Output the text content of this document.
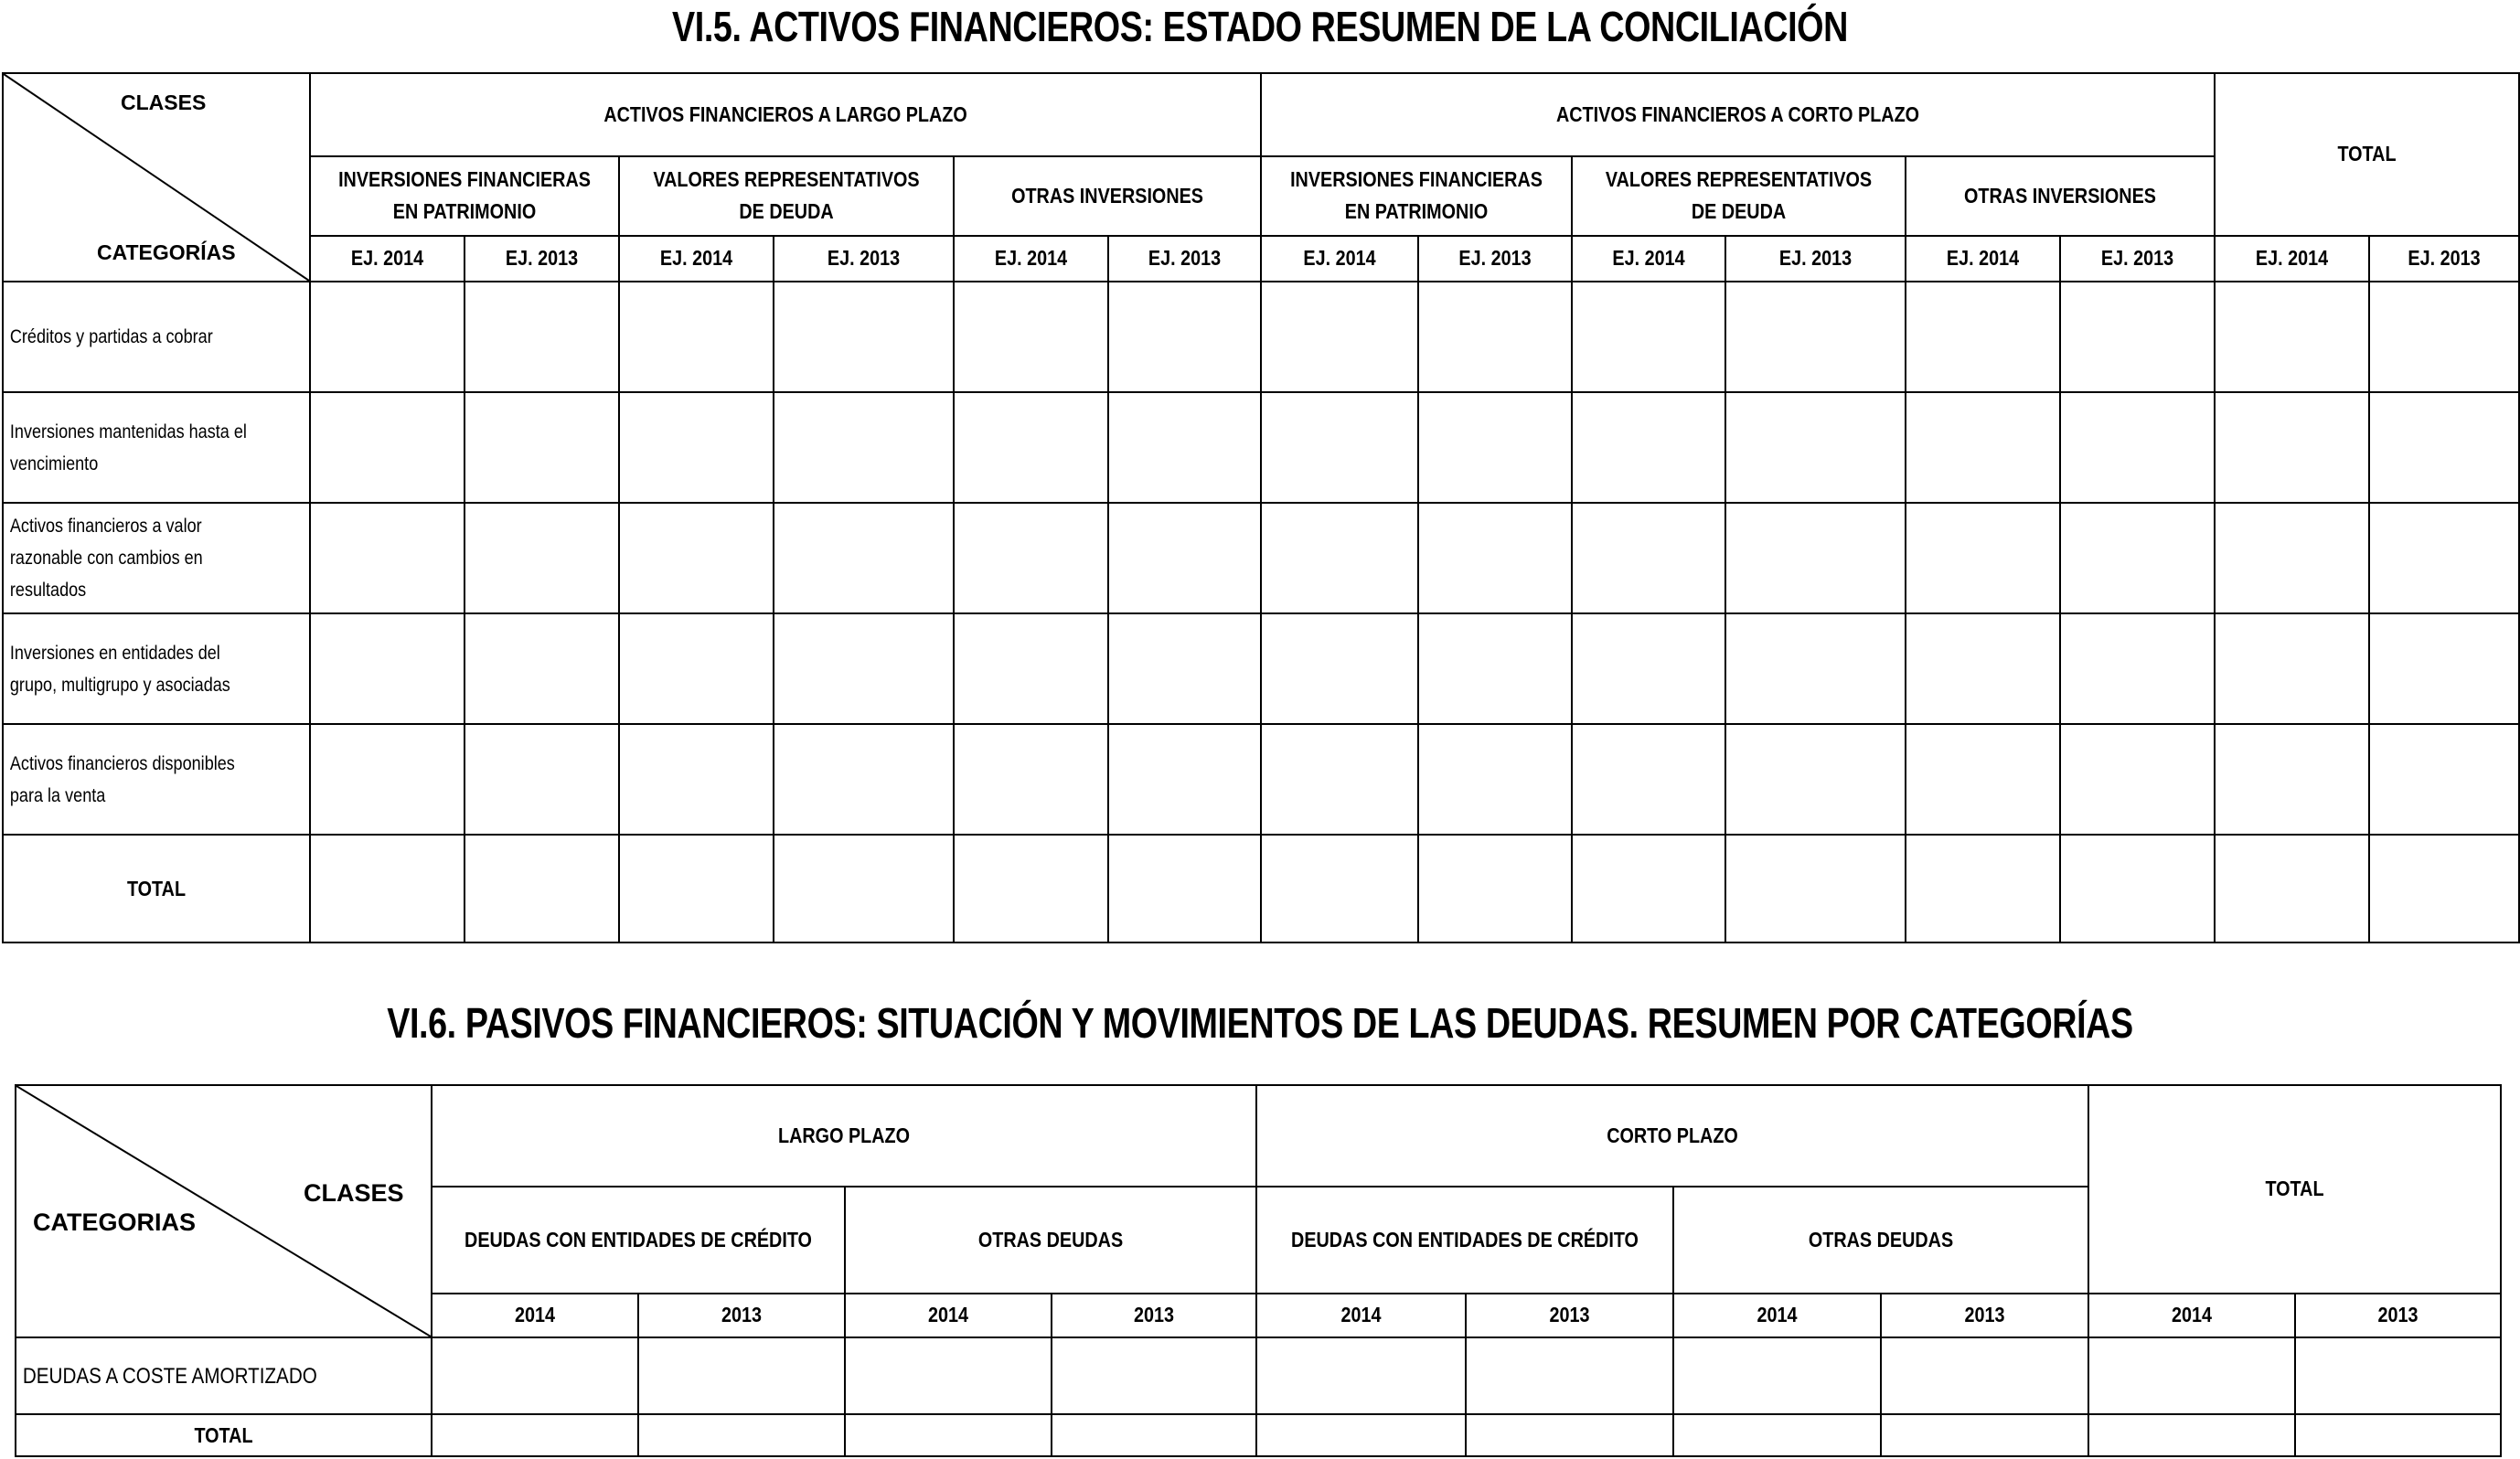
VI.5. ACTIVOS FINANCIEROS: ESTADO RESUMEN DE LA CONCILIACIÓN
CLASES
CATEGORÍAS	ACTIVOS FINANCIEROS A LARGO PLAZO						ACTIVOS FINANCIEROS A CORTO PLAZO						TOTAL	

	INVERSIONES FINANCIERAS EN PATRIMONIO		VALORES REPRESENTATIVOS DE DEUDA		OTRAS INVERSIONES		INVERSIONES FINANCIERAS EN PATRIMONIO		VALORES REPRESENTATIVOS DE DEUDA		OTRAS INVERSIONES			

	EJ. 2014	EJ. 2013	EJ. 2014	EJ. 2013	EJ. 2014	EJ. 2013	EJ. 2014	EJ. 2013	EJ. 2014	EJ. 2013	EJ. 2014	EJ. 2013	EJ. 2014	EJ. 2013

Créditos y partidas a cobrar														

Inversiones mantenidas hasta el vencimiento														

Activos financieros a valor razonable con cambios en resultados														

Inversiones en entidades del grupo, multigrupo y asociadas														

Activos financieros disponibles para la venta														

TOTAL														

VI.6. PASIVOS FINANCIEROS: SITUACIÓN Y MOVIMIENTOS DE LAS DEUDAS. RESUMEN POR CATEGORÍAS
CLASES
CATEGORIAS	LARGO PLAZO				CORTO PLAZO				TOTAL	

	DEUDAS CON ENTIDADES DE CRÉDITO		OTRAS DEUDAS		DEUDAS CON ENTIDADES DE CRÉDITO		OTRAS DEUDAS			

	2014	2013	2014	2013	2014	2013	2014	2013	2014	2013

DEUDAS A COSTE AMORTIZADO										

TOTAL										
